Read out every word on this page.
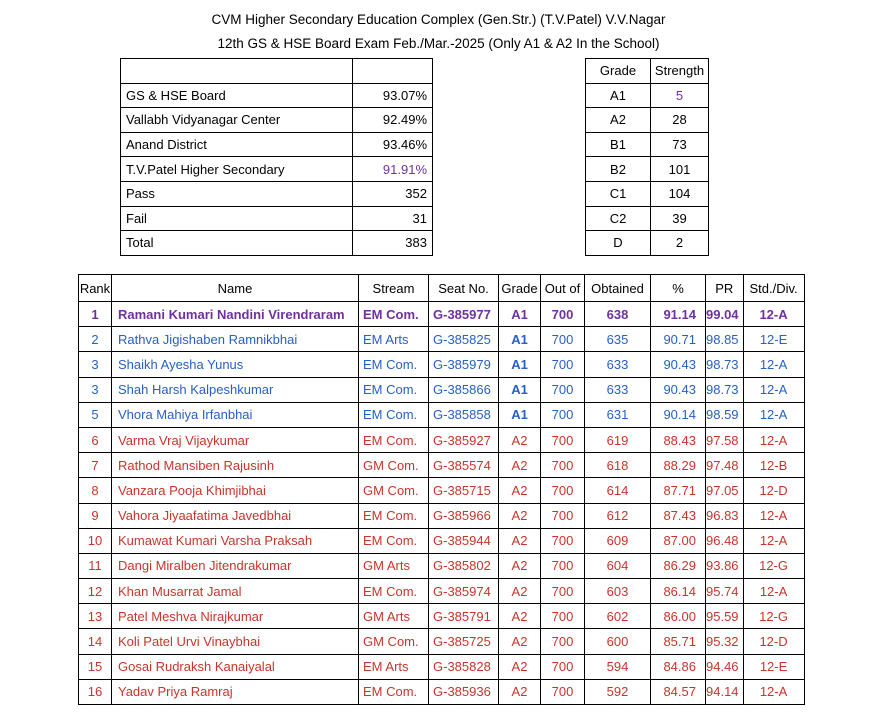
CVM Higher Secondary Education Complex (Gen.Str.) (T.V.Patel) V.V.Nagar
12th GS & HSE Board Exam Feb./Mar.-2025 (Only A1 & A2 In the School)

GS & HSE Board	93.07%
Vallabh Vidyanagar Center	92.49%
Anand District	93.46%
T.V.Patel Higher Secondary	91.91%
Pass	352
Fail	31
Total	383
Grade	Strength
A1	5
A2	28
B1	73
B2	101
C1	104
C2	39
D	2
Rank	Name	Stream	Seat No.	Grade	Out of	Obtained	%	PR	Std./Div.
1	Ramani Kumari Nandini Virendraram	EM Com.	G-385977	A1	700	638	91.14	99.04	12-A
2	Rathva Jigishaben Ramnikbhai	EM Arts	G-385825	A1	700	635	90.71	98.85	12-E
3	Shaikh Ayesha Yunus	EM Com.	G-385979	A1	700	633	90.43	98.73	12-A
3	Shah Harsh Kalpeshkumar	EM Com.	G-385866	A1	700	633	90.43	98.73	12-A
5	Vhora Mahiya Irfanbhai	EM Com.	G-385858	A1	700	631	90.14	98.59	12-A
6	Varma Vraj Vijaykumar	EM Com.	G-385927	A2	700	619	88.43	97.58	12-A
7	Rathod Mansiben Rajusinh	GM Com.	G-385574	A2	700	618	88.29	97.48	12-B
8	Vanzara Pooja Khimjibhai	GM Com.	G-385715	A2	700	614	87.71	97.05	12-D
9	Vahora Jiyaafatima Javedbhai	EM Com.	G-385966	A2	700	612	87.43	96.83	12-A
10	Kumawat Kumari Varsha Praksah	EM Com.	G-385944	A2	700	609	87.00	96.48	12-A
11	Dangi Miralben Jitendrakumar	GM Arts	G-385802	A2	700	604	86.29	93.86	12-G
12	Khan Musarrat Jamal	EM Com.	G-385974	A2	700	603	86.14	95.74	12-A
13	Patel Meshva Nirajkumar	GM Arts	G-385791	A2	700	602	86.00	95.59	12-G
14	Koli Patel Urvi Vinaybhai	GM Com.	G-385725	A2	700	600	85.71	95.32	12-D
15	Gosai Rudraksh Kanaiyalal	EM Arts	G-385828	A2	700	594	84.86	94.46	12-E
16	Yadav Priya Ramraj	EM Com.	G-385936	A2	700	592	84.57	94.14	12-A
